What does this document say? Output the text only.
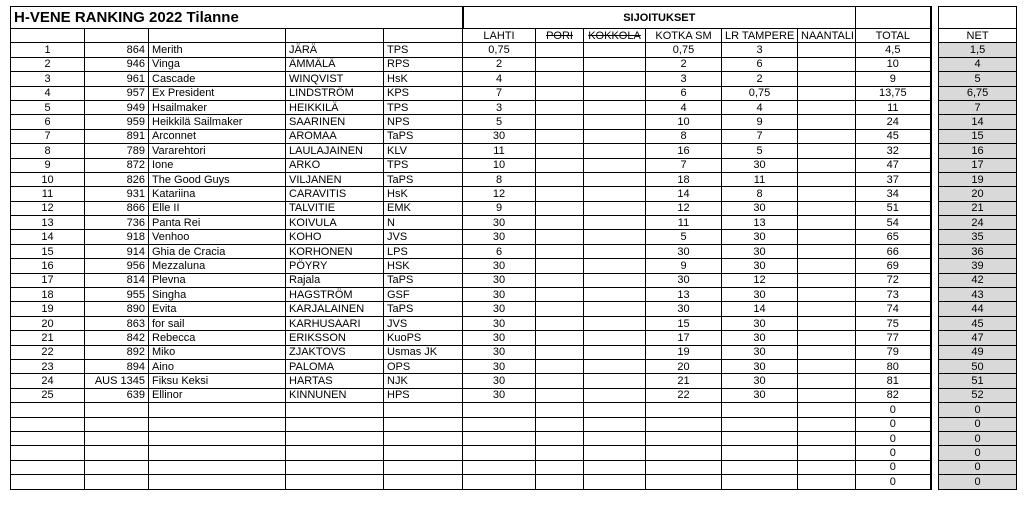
H-VENE RANKING 2022 Tilanne					SIJOITUKSET								
					LAHTI	PORI	KOKKOLA	KOTKA SM	LR TAMPERE	NAANTALI	TOTAL		NET
1	864	Merith	JÄRÄ	TPS	0,75			0,75	3		4,5		1,5
2	946	Vinga	ÄMMÄLÄ	RPS	2			2	6		10		4
3	961	Cascade	WINQVIST	HsK	4			3	2		9		5
4	957	Ex President	LINDSTRÖM	KPS	7			6	0,75		13,75		6,75
5	949	Hsailmaker	HEIKKILÄ	TPS	3			4	4		11		7
6	959	Heikkilä Sailmaker	SAARINEN	NPS	5			10	9		24		14
7	891	Arconnet	AROMAA	TaPS	30			8	7		45		15
8	789	Vararehtori	LAULAJAINEN	KLV	11			16	5		32		16
9	872	Ione	ARKO	TPS	10			7	30		47		17
10	826	The Good Guys	VILJANEN	TaPS	8			18	11		37		19
11	931	Katariina	CARAVITIS	HsK	12			14	8		34		20
12	866	Elle II	TALVITIE	EMK	9			12	30		51		21
13	736	Panta Rei	KOIVULA	N	30			11	13		54		24
14	918	Venhoo	KOHO	JVS	30			5	30		65		35
15	914	Ghia de Cracia	KORHONEN	LPS	6			30	30		66		36
16	956	Mezzaluna	PÖYRY	HSK	30			9	30		69		39
17	814	Plevna	Rajala	TaPS	30			30	12		72		42
18	955	Singha	HAGSTRÖM	GSF	30			13	30		73		43
19	890	Evita	KARJALAINEN	TaPS	30			30	14		74		44
20	863	for sail	KARHUSAARI	JVS	30			15	30		75		45
21	842	Rebecca	ERIKSSON	KuoPS	30			17	30		77		47
22	892	Miko	ZJAKTOVS	Usmas JK	30			19	30		79		49
23	894	Aino	PALOMA	OPS	30			20	30		80		50
24	AUS 1345	Fiksu Keksi	HARTAS	NJK	30			21	30		81		51
25	639	Ellinor	KINNUNEN	HPS	30			22	30		82		52
											0		0
											0		0
											0		0
											0		0
											0		0
											0		0
